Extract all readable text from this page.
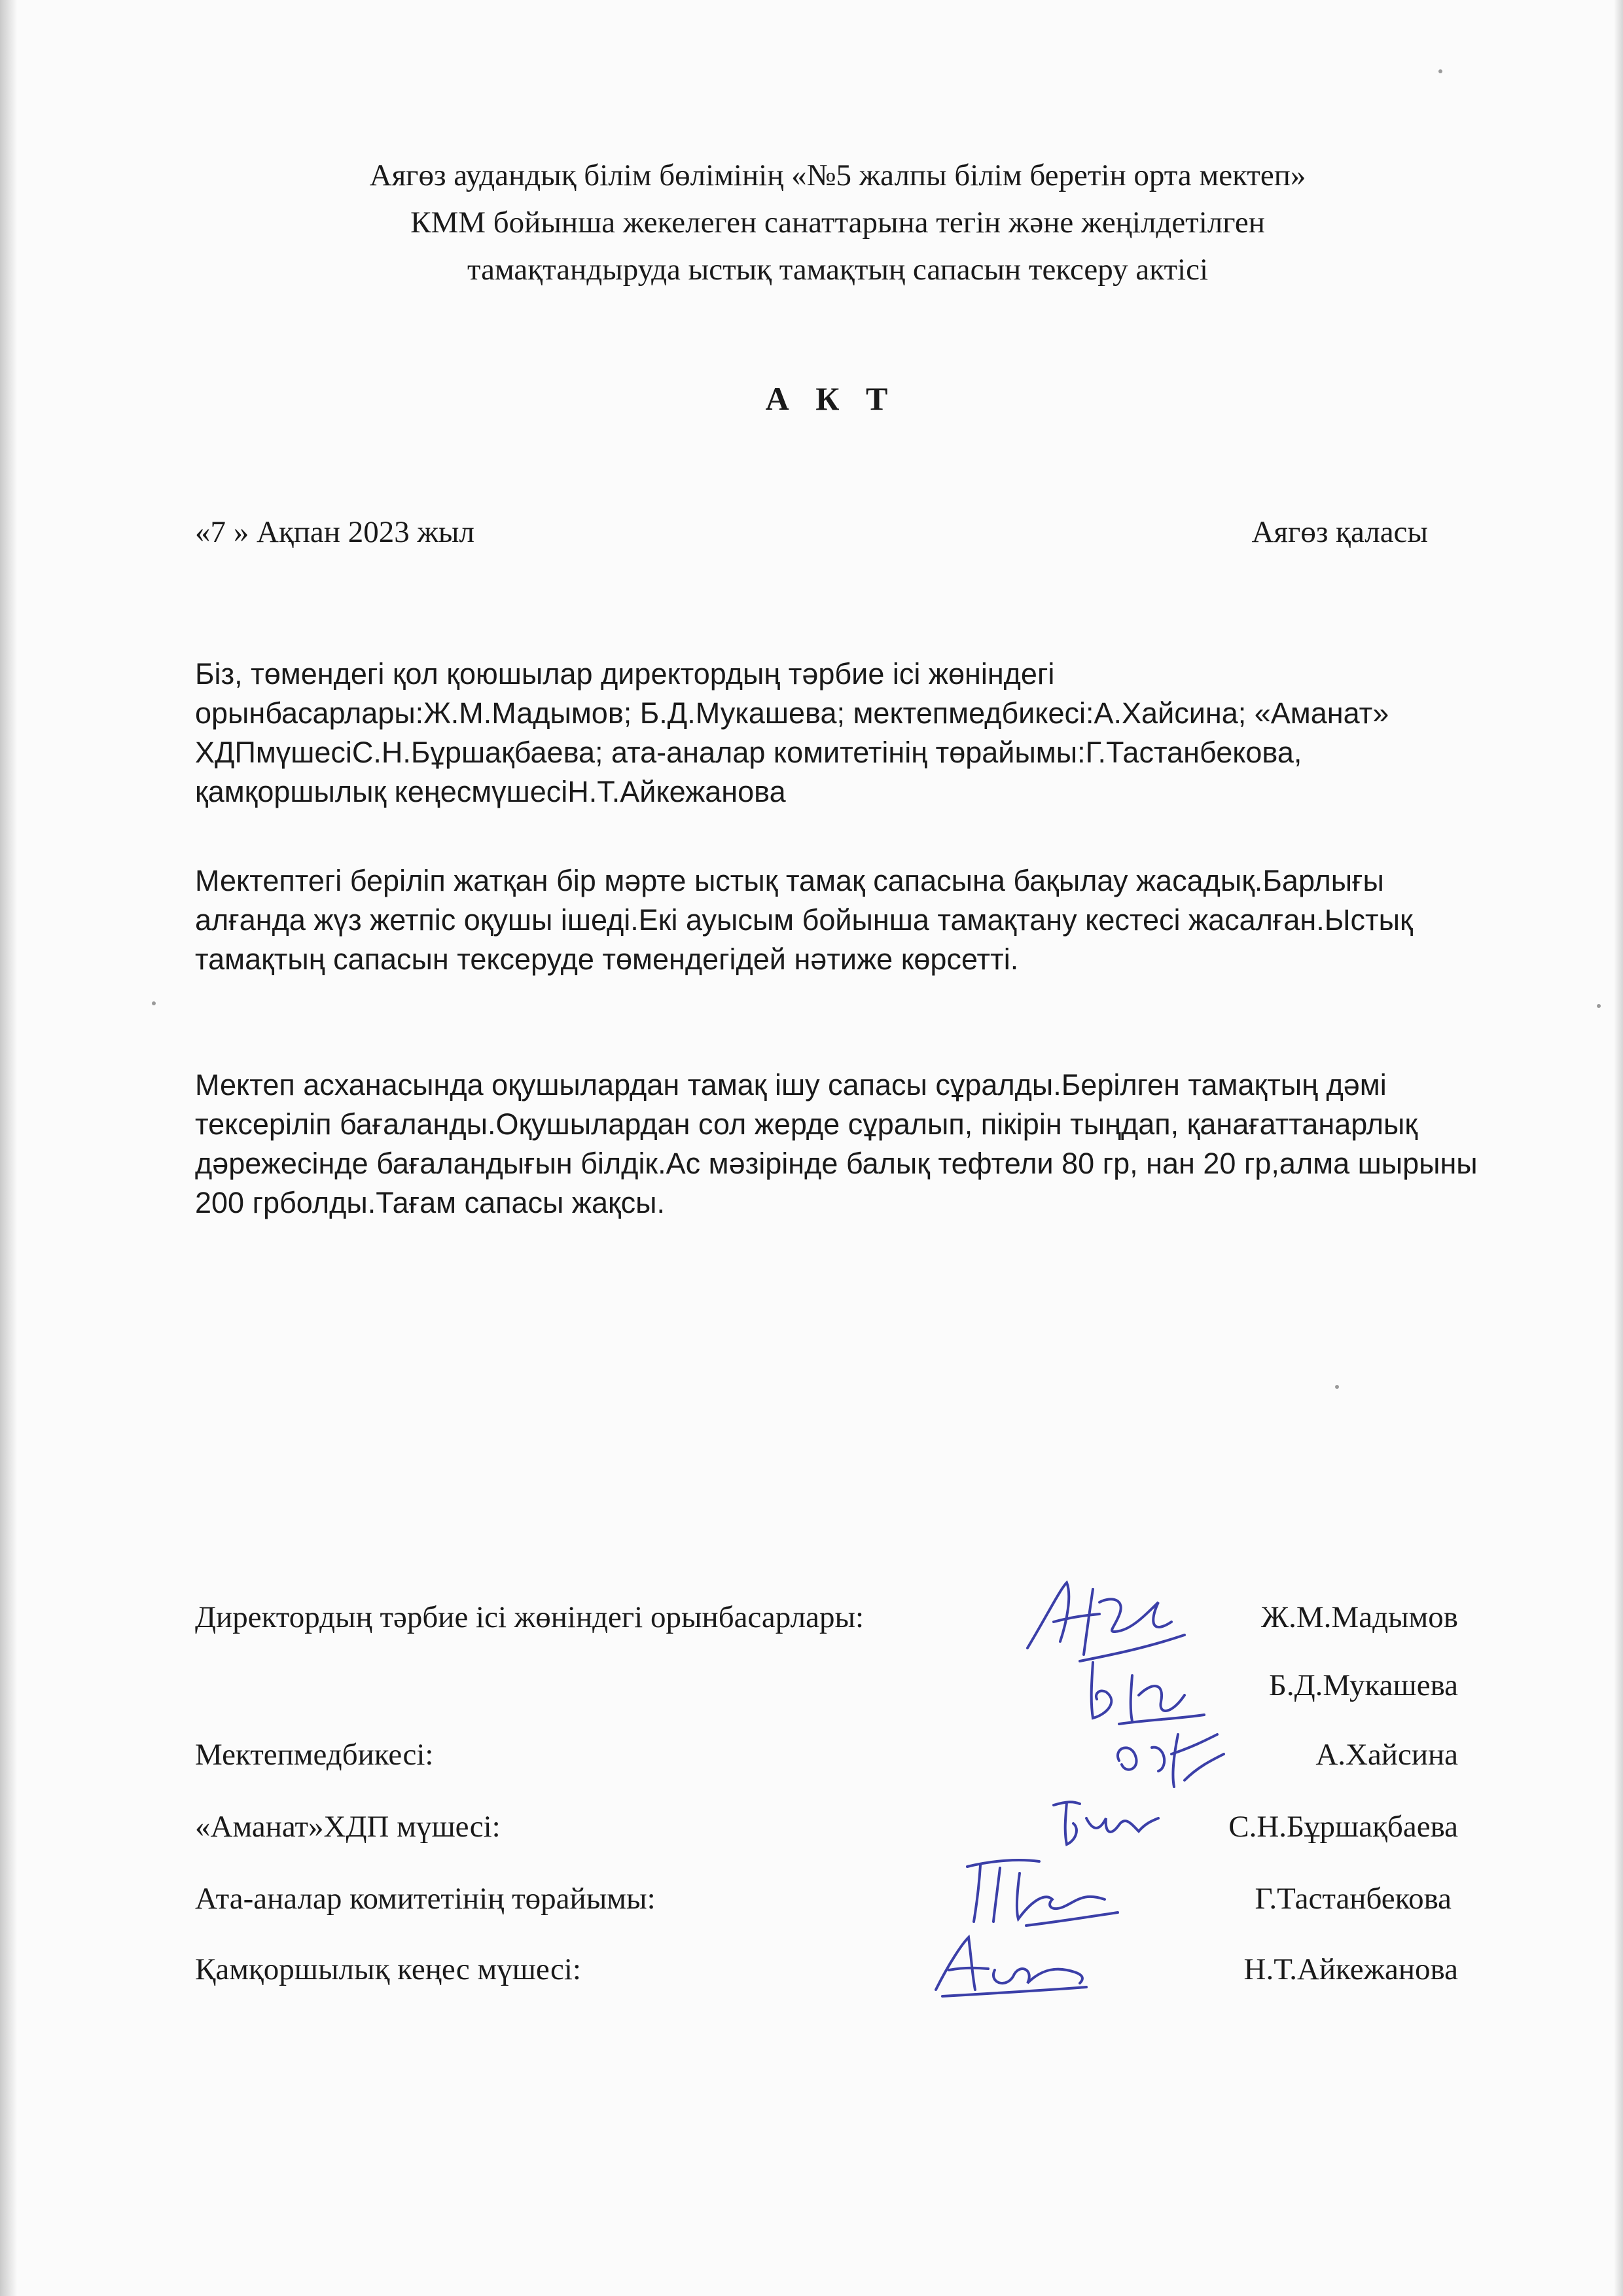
Аягөз аудандық білім бөлімінің «№5 жалпы білім беретін орта мектеп»
КММ бойынша жекелеген санаттарына тегін және жеңілдетілген
тамақтандыруда ыстық тамақтың сапасын тексеру актісі
А К Т
«7 » Ақпан 2023 жыл	Аягөз қаласы

Біз, төмендегі қол қоюшылар директордың тәрбие ісі жөніндегі орынбасарлары:Ж.М.Мадымов; Б.Д.Мукашева; мектепмедбикесі:А.Хайсина; «Аманат» ХДПмүшесіС.Н.Бұршақбаева; ата-аналар комитетінің төрайымы:Г.Тастанбекова, қамқоршылық кеңесмүшесіН.Т.Айкежанова

Мектептегі беріліп жатқан бір мәрте ыстық тамақ сапасына бақылау жасадық.Барлығы алғанда жүз жетпіс оқушы ішеді.Екі ауысым бойынша тамақтану кестесі жасалған.Ыстық тамақтың сапасын тексеруде төмендегідей нәтиже көрсетті.

Мектеп асханасында оқушылардан тамақ ішу сапасы сұралды.Берілген тамақтың дәмі тексеріліп бағаланды.Оқушылардан сол жерде сұралып, пікірін тыңдап, қанағаттанарлық дәрежесінде бағаландығын білдік.Ас мәзірінде балық тефтели 80 гр, нан 20 гр,алма шырыны 200 грболды.Тағам сапасы жақсы.

Директордың тәрбие ісі жөніндегі орынбасарлары:	Ж.М.Мадымов
Б.Д.Мукашева
Мектепмедбикесі:	А.Хайсина
«Аманат»ХДП мүшесі:	С.Н.Бұршақбаева
Ата-аналар комитетінің төрайымы:	Г.Тастанбекова
Қамқоршылық кеңес мүшесі:	Н.Т.Айкежанова
